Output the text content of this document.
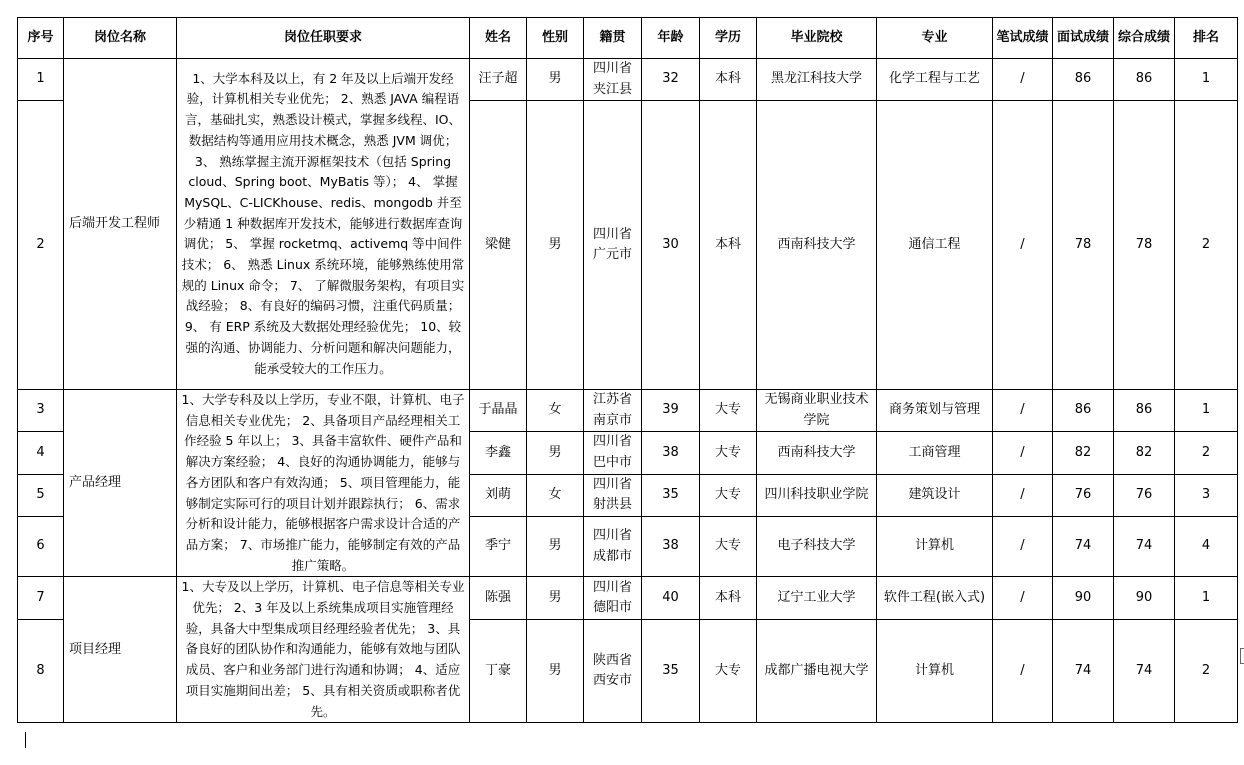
序号	岗位名称	岗位任职要求	姓名	性别	籍贯	年龄	学历	毕业院校	专业	笔试成绩	面试成绩	综合成绩	排名
1	后端开发工程师	1、大学本科及以上，有 2 年及以上后端开发经验，计算机相关专业优先； 2、熟悉 JAVA 编程语言，基础扎实，熟悉设计模式，掌握多线程、IO、数据结构等通用应用技术概念，熟悉 JVM 调优； 3、 熟练掌握主流开源框架技术（包括 Spring cloud、Spring boot、MyBatis 等）； 4、 掌握 MySQL、C-LICKhouse、redis、mongodb 并至少精通 1 种数据库开发技术，能够进行数据库查询调优； 5、 掌握 rocketmq、activemq 等中间件技术； 6、 熟悉 Linux 系统环境，能够熟练使用常规的 Linux 命令； 7、 了解微服务架构，有项目实战经验； 8、有良好的编码习惯，注重代码质量； 9、 有 ERP 系统及大数据处理经验优先； 10、较强的沟通、协调能力、分析问题和解决问题能力，能承受较大的工作压力。	汪子超	男	四川省夹江县	32	本科	黑龙江科技大学	化学工程与工艺	/	86	86	1
2			梁健	男	四川省广元市	30	本科	西南科技大学	通信工程	/	78	78	2
3	产品经理	1、大学专科及以上学历，专业不限，计算机、电子信息相关专业优先； 2、具备项目产品经理相关工作经验 5 年以上； 3、具备丰富软件、硬件产品和解决方案经验； 4、良好的沟通协调能力，能够与各方团队和客户有效沟通； 5、项目管理能力，能够制定实际可行的项目计划并跟踪执行； 6、需求分析和设计能力，能够根据客户需求设计合适的产品方案； 7、市场推广能力，能够制定有效的产品推广策略。	于晶晶	女	江苏省南京市	39	大专	无锡商业职业技术学院	商务策划与管理	/	86	86	1
4			李鑫	男	四川省巴中市	38	大专	西南科技大学	工商管理	/	82	82	2
5			刘萌	女	四川省射洪县	35	大专	四川科技职业学院	建筑设计	/	76	76	3
6			季宁	男	四川省成都市	38	大专	电子科技大学	计算机	/	74	74	4
7	项目经理	1、大专及以上学历，计算机、电子信息等相关专业优先； 2、3 年及以上系统集成项目实施管理经验，具备大中型集成项目经理经验者优先； 3、具备良好的团队协作和沟通能力，能够有效地与团队成员、客户和业务部门进行沟通和协调； 4、适应项目实施期间出差； 5、具有相关资质或职称者优先。	陈强	男	四川省德阳市	40	本科	辽宁工业大学	软件工程(嵌入式)	/	90	90	1
8			丁豪	男	陕西省西安市	35	大专	成都广播电视大学	计算机	/	74	74	2
